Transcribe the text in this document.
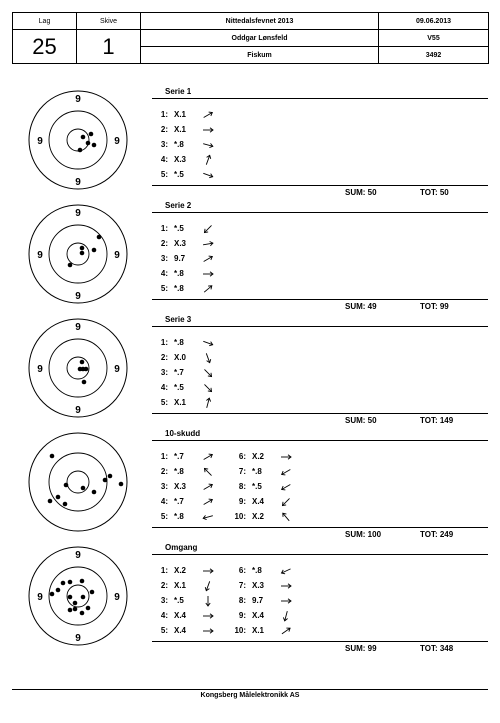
Lag	Skive	Nittedalsfevnet 2013	09.06.2013
25	1	Oddgar Lønsfeld	V55
		Fiskum	3492
9
9
9	9
Serie 1
1: X.1
2: X.1
3: *.8
4: X.3
5: *.5
SUM: 50	TOT: 50
9
9
9	9
Serie 2
1: *.5
2: X.3
3: 9.7
4: *.8
5: *.8
SUM: 49	TOT: 99
9
9
9	9
Serie 3
1: *.8
2: X.0
3: *.7
4: *.5
5: X.1
SUM: 50	TOT: 149
10-skudd
1: *.7
2: *.8
3: X.3
4: *.7
5: *.8
6: X.2
7: *.8
8: *.5
9: X.4
10: X.2
SUM: 100	TOT: 249
9
9
9	9
Omgang
1: X.2
2: X.1
3: *.5
4: X.4
5: X.4
6: *.8
7: X.3
8: 9.7
9: X.4
10: X.1
SUM: 99	TOT: 348
Kongsberg Målelektronikk AS
